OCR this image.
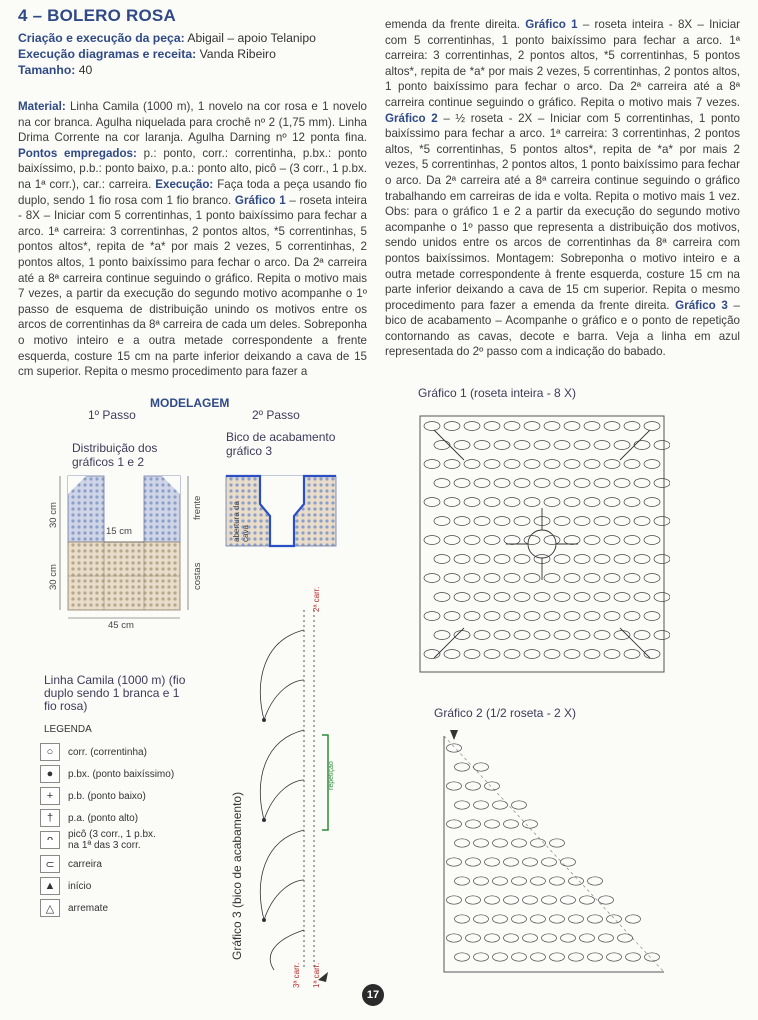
4 – BOLERO ROSA
Criação e execução da peça: Abigail – apoio Telanipo
Execução diagramas e receita: Vanda Ribeiro
Tamanho: 40
Material: Linha Camila (1000 m), 1 novelo na cor rosa e 1 novelo na cor branca. Agulha niquelada para crochê nº 2 (1,75 mm). Linha Drima Corrente na cor laranja. Agulha Darning nº 12 ponta fina. Pontos empregados: p.: ponto, corr.: correntinha, p.bx.: ponto baixíssimo, p.b.: ponto baixo, p.a.: ponto alto, picô – (3 corr., 1 p.bx. na 1ª corr.), car.: carreira. Execução: Faça toda a peça usando fio duplo, sendo 1 fio rosa com 1 fio branco. Gráfico 1 – roseta inteira - 8X – Iniciar com 5 correntinhas, 1 ponto baixíssimo para fechar a arco. 1ª carreira: 3 correntinhas, 2 pontos altos, *5 correntinhas, 5 pontos altos*, repita de *a* por mais 2 vezes, 5 correntinhas, 2 pontos altos, 1 ponto baixíssimo para fechar o arco. Da 2ª carreira até a 8ª carreira continue seguindo o gráfico. Repita o motivo mais 7 vezes, a partir da execução do segundo motivo acompanhe o 1º passo de esquema de distribuição unindo os motivos entre os arcos de correntinhas da 8ª carreira de cada um deles. Sobreponha o motivo inteiro e a outra metade correspondente a frente esquerda, costure 15 cm na parte inferior deixando a cava de 15 cm superior. Repita o mesmo procedimento para fazer a
emenda da frente direita. Gráfico 1 – roseta inteira - 8X – Iniciar com 5 correntinhas, 1 ponto baixíssimo para fechar a arco. 1ª carreira: 3 correntinhas, 2 pontos altos, *5 correntinhas, 5 pontos altos*, repita de *a* por mais 2 vezes, 5 correntinhas, 2 pontos altos, 1 ponto baixíssimo para fechar o arco. Da 2ª carreira até a 8ª carreira continue seguindo o gráfico. Repita o motivo mais 7 vezes. Gráfico 2 – ½ roseta - 2X – Iniciar com 5 correntinhas, 1 ponto baixíssimo para fechar a arco. 1ª carreira: 3 correntinhas, 2 pontos altos, *5 correntinhas, 5 pontos altos*, repita de *a* por mais 2 vezes, 5 correntinhas, 2 pontos altos, 1 ponto baixíssimo para fechar o arco. Da 2ª carreira até a 8ª carreira continue seguindo o gráfico trabalhando em carreiras de ida e volta. Repita o motivo mais 1 vez. Obs: para o gráfico 1 e 2 a partir da execução do segundo motivo acompanhe o 1º passo que representa a distribuição dos motivos, sendo unidos entre os arcos de correntinhas da 8ª carreira com pontos baixíssimos. Montagem: Sobreponha o motivo inteiro e a outra metade correspondente à frente esquerda, costure 15 cm na parte inferior deixando a cava de 15 cm superior. Repita o mesmo procedimento para fazer a emenda da frente direita. Gráfico 3 – bico de acabamento – Acompanhe o gráfico e o ponto de repetição contornando as cavas, decote e barra. Veja a linha em azul representada do 2º passo com a indicação do babado.
MODELAGEM
1º Passo	2º Passo
Distribuição dos gráficos 1 e 2
Bico de acabamento gráfico 3
30 cm
30 cm
15 cm
45 cm
frente
costas
abertura da cava
Linha Camila (1000 m) (fio duplo sendo 1 branca e 1 fio rosa)
LEGENDA
○	corr. (correntinha)
●	p.bx. (ponto baixíssimo)
+	p.b. (ponto baixo)
†	p.a. (ponto alto)
ᴖ	picô (3 corr., 1 p.bx. na 1ª das 3 corr.
⊂	carreira
▲	início
△	arremate	Gráfico 3 (bico de acabamento)
repetição
2ª carr.
3ª carr. 1ª carr.
Gráfico 1 (roseta inteira - 8 X)
Gráfico 2 (1/2 roseta - 2 X)
17
